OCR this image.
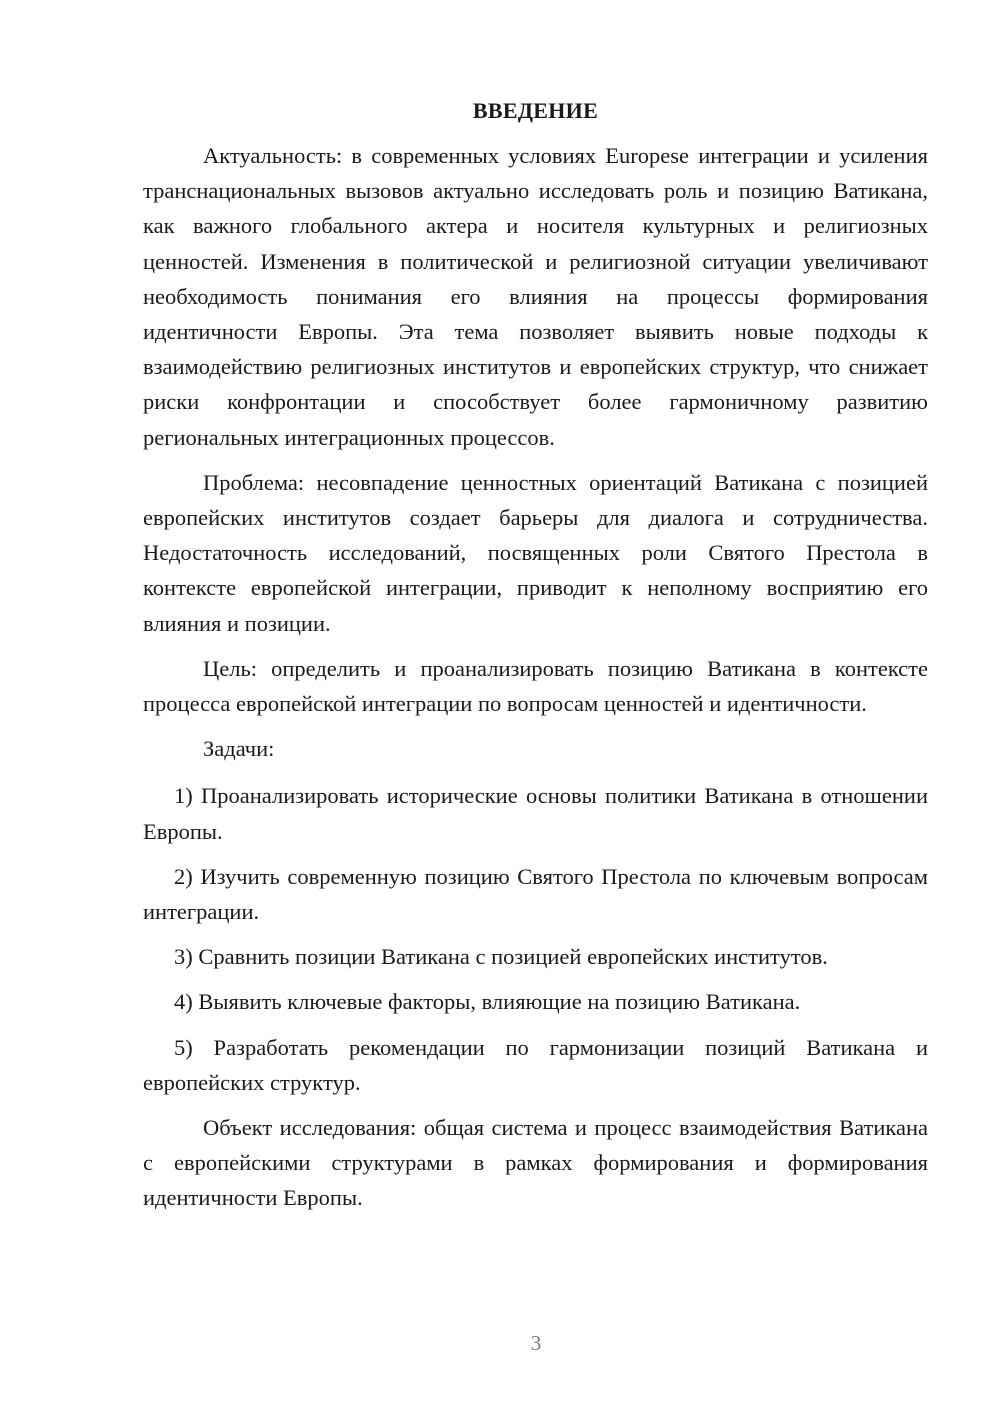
ВВЕДЕНИЕ

Актуальность: в современных условиях Europese интеграции и усиления транснациональных вызовов актуально исследовать роль и позицию Ватикана, как важного глобального актера и носителя культурных и религиозных ценностей. Изменения в политической и религиозной ситуации увеличивают необходимость понимания его влияния на процессы формирования идентичности Европы. Эта тема позволяет выявить новые подходы к взаимодействию религиозных институтов и европейских структур, что снижает риски конфронтации и способствует более гармоничному развитию региональных интеграционных процессов.

Проблема: несовпадение ценностных ориентаций Ватикана с позицией европейских институтов создает барьеры для диалога и сотрудничества. Недостаточность исследований, посвященных роли Святого Престола в контексте европейской интеграции, приводит к неполному восприятию его влияния и позиции.

Цель: определить и проанализировать позицию Ватикана в контексте процесса европейской интеграции по вопросам ценностей и идентичности.

Задачи:

1) Проанализировать исторические основы политики Ватикана в отношении Европы.

2) Изучить современную позицию Святого Престола по ключевым вопросам интеграции.

3) Сравнить позиции Ватикана с позицией европейских институтов.

4) Выявить ключевые факторы, влияющие на позицию Ватикана.

5) Разработать рекомендации по гармонизации позиций Ватикана и европейских структур.

Объект исследования: общая система и процесс взаимодействия Ватикана с европейскими структурами в рамках формирования и формирования идентичности Европы.

3
